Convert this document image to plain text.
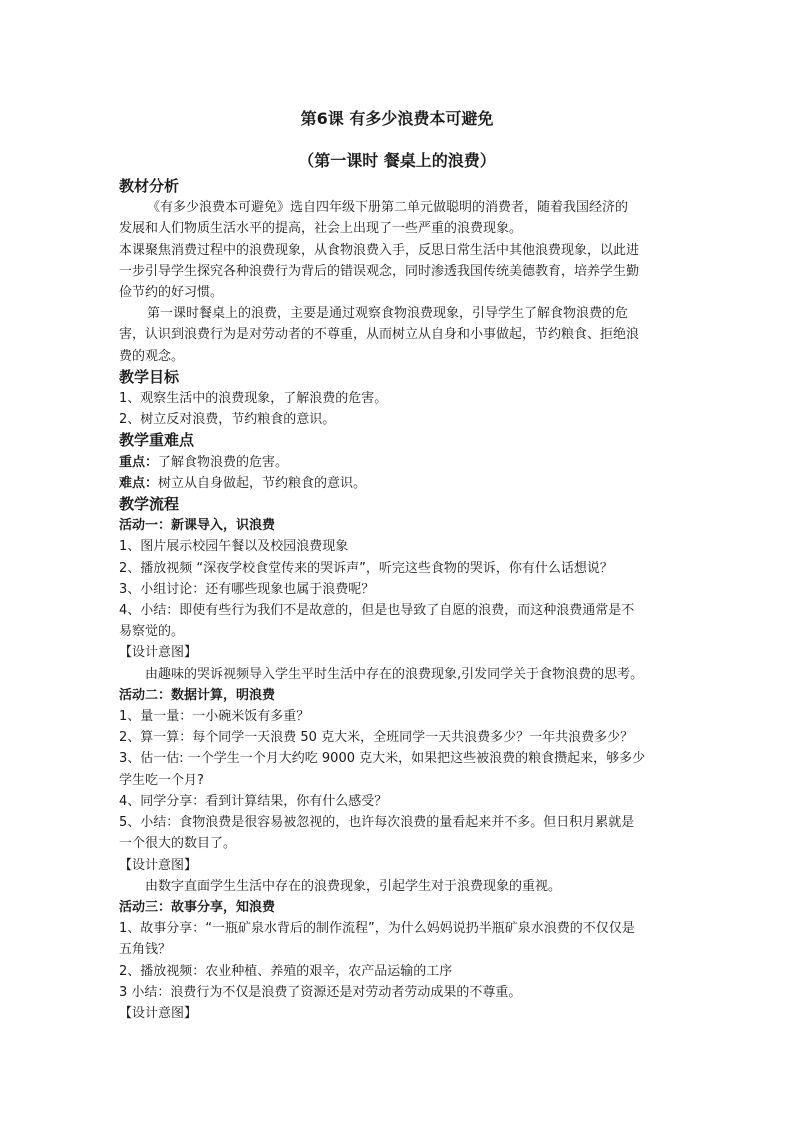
第6课 有多少浪费本可避免
（第一课时 餐桌上的浪费）
教材分析
《有多少浪费本可避免》选自四年级下册第二单元做聪明的消费者，随着我国经济的
发展和人们物质生活水平的提高，社会上出现了一些严重的浪费现象。
本课聚焦消费过程中的浪费现象，从食物浪费入手，反思日常生活中其他浪费现象，以此进
一步引导学生探究各种浪费行为背后的错误观念，同时渗透我国传统美德教育，培养学生勤
俭节约的好习惯。
第一课时餐桌上的浪费，主要是通过观察食物浪费现象，引导学生了解食物浪费的危
害，认识到浪费行为是对劳动者的不尊重，从而树立从自身和小事做起，节约粮食、拒绝浪
费的观念。
教学目标
1、观察生活中的浪费现象，了解浪费的危害。
2、树立反对浪费，节约粮食的意识。
教学重难点
重点：了解食物浪费的危害。
难点：树立从自身做起，节约粮食的意识。
教学流程
活动一：新课导入，识浪费
1、图片展示校园午餐以及校园浪费现象
2、播放视频 “深夜学校食堂传来的哭诉声”，听完这些食物的哭诉，你有什么话想说？
3、小组讨论：还有哪些现象也属于浪费呢？
4、小结：即使有些行为我们不是故意的，但是也导致了自愿的浪费，而这种浪费通常是不
易察觉的。
【设计意图】
由趣味的哭诉视频导入学生平时生活中存在的浪费现象,引发同学关于食物浪费的思考。
活动二：数据计算，明浪费
1、量一量：一小碗米饭有多重？
2、算一算：每个同学一天浪费 50 克大米，全班同学一天共浪费多少？一年共浪费多少？
3、估一估: 一个学生一个月大约吃 9000 克大米，如果把这些被浪费的粮食攒起来，够多少
学生吃一个月?
4、同学分享：看到计算结果，你有什么感受？
5、小结：食物浪费是很容易被忽视的，也许每次浪费的量看起来并不多。但日积月累就是
一个很大的数目了。
【设计意图】
由数字直面学生生活中存在的浪费现象，引起学生对于浪费现象的重视。
活动三：故事分享，知浪费
1、故事分享：“一瓶矿泉水背后的制作流程”，为什么妈妈说扔半瓶矿泉水浪费的不仅仅是
五角钱？
2、播放视频：农业种植、养殖的艰辛，农产品运输的工序
3 小结：浪费行为不仅是浪费了资源还是对劳动者劳动成果的不尊重。
【设计意图】
